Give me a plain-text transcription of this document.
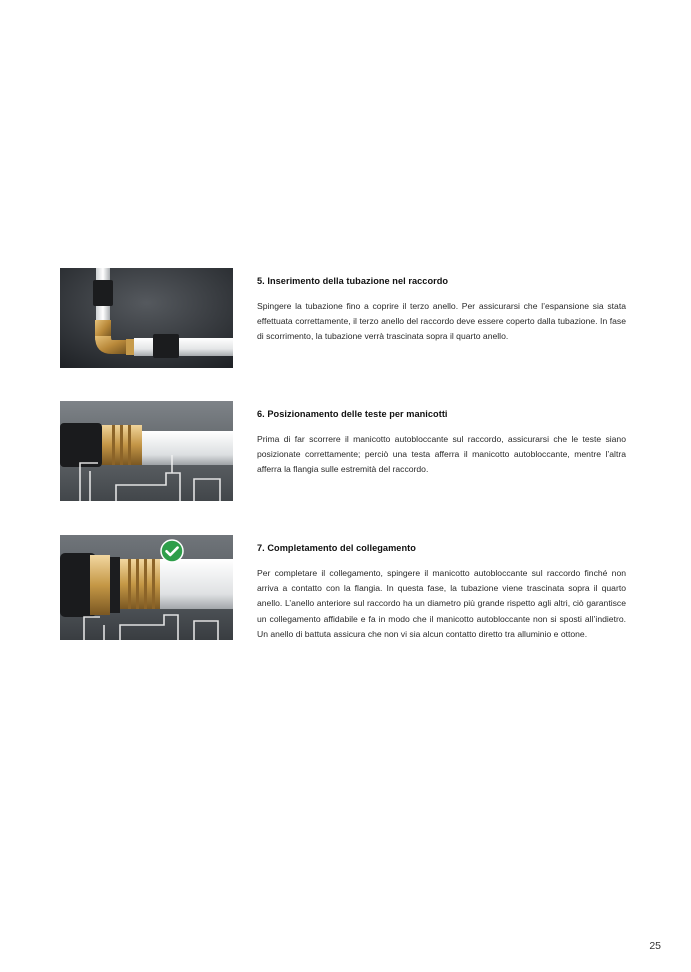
5. Inserimento della tubazione nel raccordo

Spingere la tubazione fino a coprire il terzo anello. Per assicurarsi che l’espansione sia stata effettuata correttamente, il terzo anello del raccordo deve essere coperto dalla tubazione. In fase di scorrimento, la tubazione verrà trascinata sopra il quarto anello.

6. Posizionamento delle teste per manicotti

Prima di far scorrere il manicotto autobloccante sul raccordo, assicurarsi che le teste siano posizionate correttamente; perciò una testa afferra il manicotto autobloccante, mentre l’altra afferra la flangia sulle estremità del raccordo.

7. Completamento del collegamento

Per completare il collegamento, spingere il manicotto autobloccante sul raccordo finché non arriva a contatto con la flangia. In questa fase, la tubazione viene trascinata sopra il quarto anello. L’anello anteriore sul raccordo ha un diametro più grande rispetto agli altri, ciò garantisce un collegamento affidabile e fa in modo che il manicotto autobloccante non si sposti all’indietro. Un anello di battuta assicura che non vi sia alcun contatto diretto tra alluminio e ottone.

25
